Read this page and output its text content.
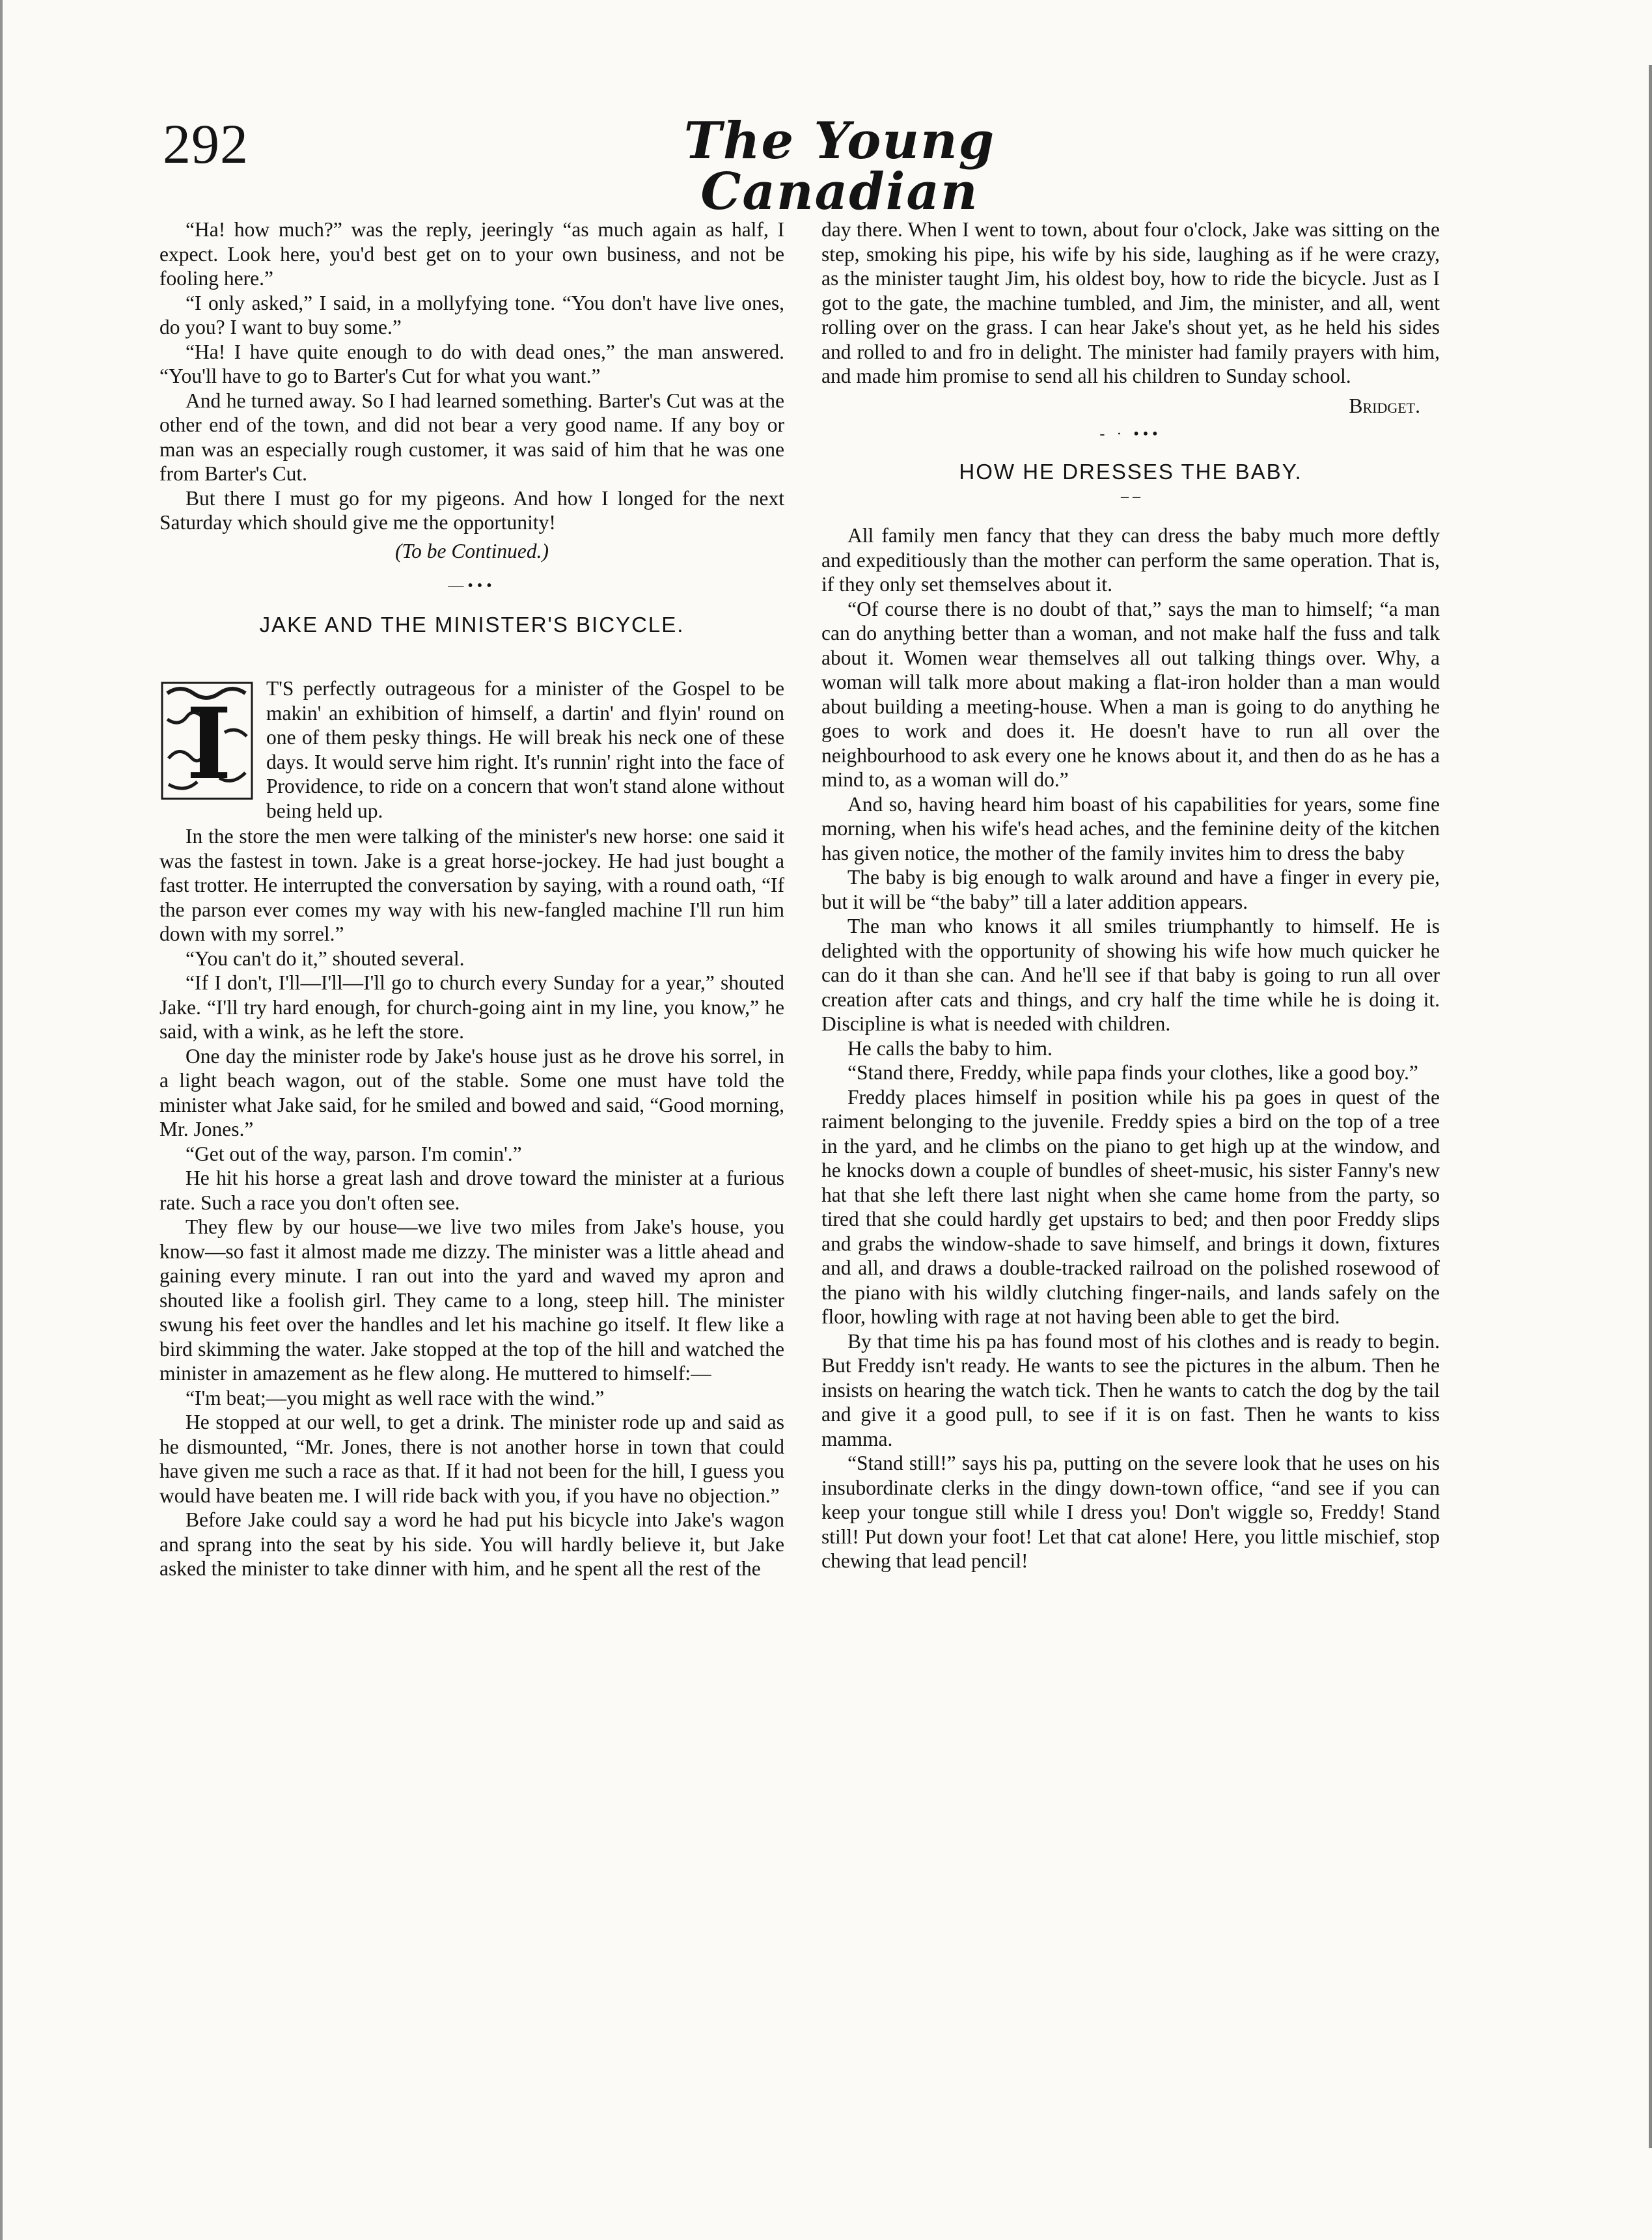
292	The Young Canadian

“Ha! how much?” was the reply, jeeringly “as much again as half, I expect. Look here, you'd best get on to your own business, and not be fooling here.”

“I only asked,” I said, in a mollyfying tone. “You don't have live ones, do you? I want to buy some.”

“Ha! I have quite enough to do with dead ones,” the man answered. “You'll have to go to Barter's Cut for what you want.”

And he turned away. So I had learned something. Barter's Cut was at the other end of the town, and did not bear a very good name. If any boy or man was an especially rough customer, it was said of him that he was one from Barter's Cut.

But there I must go for my pigeons. And how I longed for the next Saturday which should give me the opportunity!

(To be Continued.)

—•••
JAKE AND THE MINISTER'S BICYCLE.
I	T'S perfectly outrageous for a minister of the Gospel to be makin' an exhibition of himself, a dartin' and flyin' round on one of them pesky things. He will break his neck one of these days. It would serve him right. It's runnin' right into the face of Providence, to ride on a concern that won't stand alone without being held up.

In the store the men were talking of the minister's new horse: one said it was the fastest in town. Jake is a great horse-jockey. He had just bought a fast trotter. He interrupted the conversation by saying, with a round oath, “If the parson ever comes my way with his new-fangled machine I'll run him down with my sorrel.”

“You can't do it,” shouted several.

“If I don't, I'll—I'll—I'll go to church every Sunday for a year,” shouted Jake. “I'll try hard enough, for church-going aint in my line, you know,” he said, with a wink, as he left the store.

One day the minister rode by Jake's house just as he drove his sorrel, in a light beach wagon, out of the stable. Some one must have told the minister what Jake said, for he smiled and bowed and said, “Good morning, Mr. Jones.”

“Get out of the way, parson. I'm comin'.”

He hit his horse a great lash and drove toward the minister at a furious rate. Such a race you don't often see.

They flew by our house—we live two miles from Jake's house, you know—so fast it almost made me dizzy. The minister was a little ahead and gaining every minute. I ran out into the yard and waved my apron and shouted like a foolish girl. They came to a long, steep hill. The minister swung his feet over the handles and let his machine go itself. It flew like a bird skimming the water. Jake stopped at the top of the hill and watched the minister in amazement as he flew along. He muttered to himself:—

“I'm beat;—you might as well race with the wind.”

He stopped at our well, to get a drink. The minister rode up and said as he dismounted, “Mr. Jones, there is not another horse in town that could have given me such a race as that. If it had not been for the hill, I guess you would have beaten me. I will ride back with you, if you have no objection.”

Before Jake could say a word he had put his bicycle into Jake's wagon and sprang into the seat by his side. You will hardly believe it, but Jake asked the minister to take dinner with him, and he spent all the rest of the

day there. When I went to town, about four o'clock, Jake was sitting on the step, smoking his pipe, his wife by his side, laughing as if he were crazy, as the minister taught Jim, his oldest boy, how to ride the bicycle. Just as I got to the gate, the machine tumbled, and Jim, the minister, and all, went rolling over on the grass. I can hear Jake's shout yet, as he held his sides and rolled to and fro in delight. The minister had family prayers with him, and made him promise to send all his children to Sunday school.

Bridget.

- · •••
HOW HE DRESSES THE BABY.
– –

All family men fancy that they can dress the baby much more deftly and expeditiously than the mother can perform the same operation. That is, if they only set themselves about it.

“Of course there is no doubt of that,” says the man to himself; “a man can do anything better than a woman, and not make half the fuss and talk about it. Women wear themselves all out talking things over. Why, a woman will talk more about making a flat-iron holder than a man would about building a meeting-house. When a man is going to do anything he goes to work and does it. He doesn't have to run all over the neighbourhood to ask every one he knows about it, and then do as he has a mind to, as a woman will do.”

And so, having heard him boast of his capabilities for years, some fine morning, when his wife's head aches, and the feminine deity of the kitchen has given notice, the mother of the family invites him to dress the baby

The baby is big enough to walk around and have a finger in every pie, but it will be “the baby” till a later addition appears.

The man who knows it all smiles triumphantly to himself. He is delighted with the opportunity of showing his wife how much quicker he can do it than she can. And he'll see if that baby is going to run all over creation after cats and things, and cry half the time while he is doing it. Discipline is what is needed with children.

He calls the baby to him.

“Stand there, Freddy, while papa finds your clothes, like a good boy.”

Freddy places himself in position while his pa goes in quest of the raiment belonging to the juvenile. Freddy spies a bird on the top of a tree in the yard, and he climbs on the piano to get high up at the window, and he knocks down a couple of bundles of sheet-music, his sister Fanny's new hat that she left there last night when she came home from the party, so tired that she could hardly get upstairs to bed; and then poor Freddy slips and grabs the window-shade to save himself, and brings it down, fixtures and all, and draws a double-tracked railroad on the polished rosewood of the piano with his wildly clutching finger-nails, and lands safely on the floor, howling with rage at not having been able to get the bird.

By that time his pa has found most of his clothes and is ready to begin. But Freddy isn't ready. He wants to see the pictures in the album. Then he insists on hearing the watch tick. Then he wants to catch the dog by the tail and give it a good pull, to see if it is on fast. Then he wants to kiss mamma.

“Stand still!” says his pa, putting on the severe look that he uses on his insubordinate clerks in the dingy down-town office, “and see if you can keep your tongue still while I dress you! Don't wiggle so, Freddy! Stand still! Put down your foot! Let that cat alone! Here, you little mischief, stop chewing that lead pencil!
